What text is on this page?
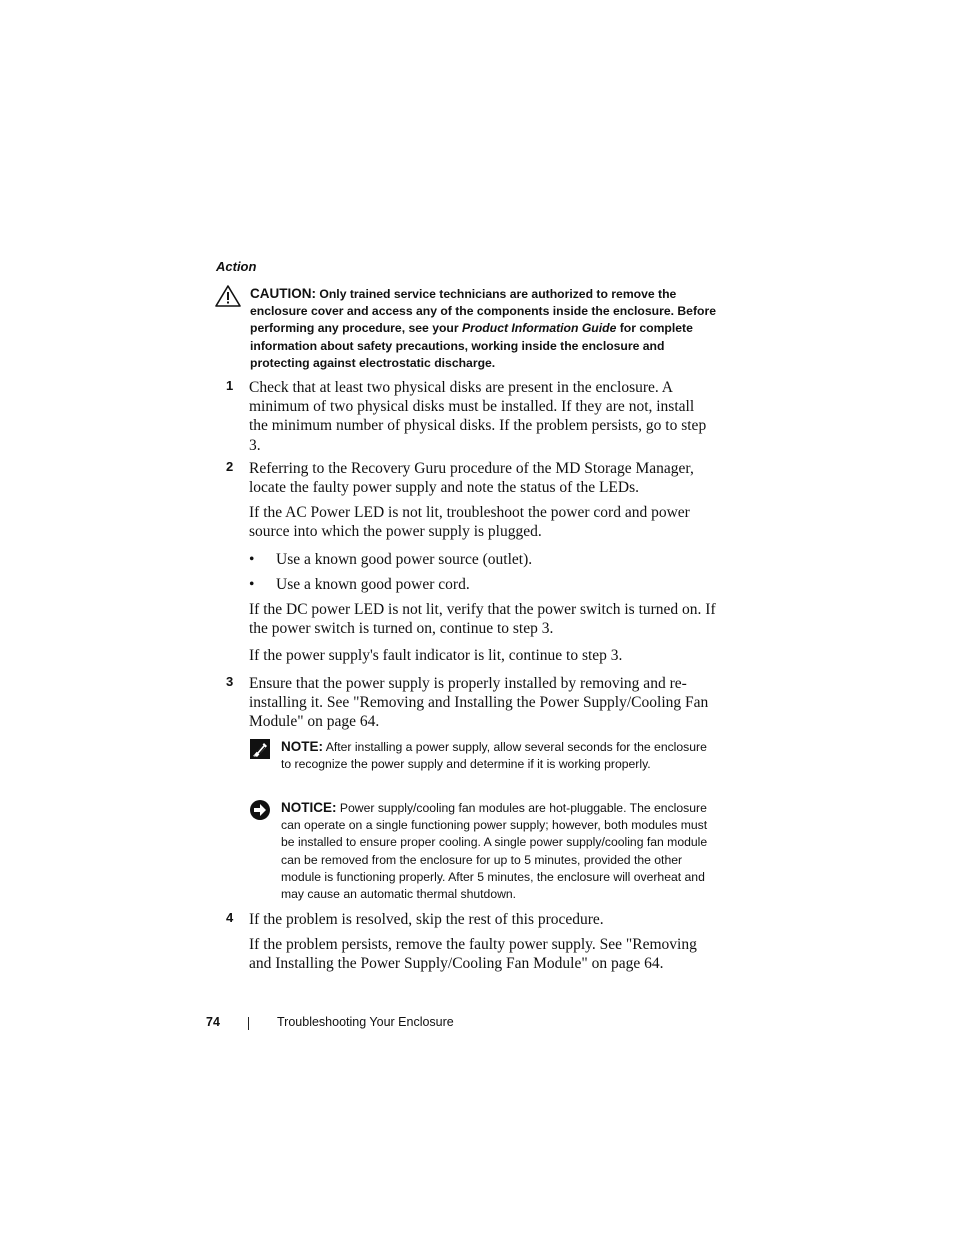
Action
CAUTION: Only trained service technicians are authorized to remove the enclosure cover and access any of the components inside the enclosure. Before performing any procedure, see your Product Information Guide for complete information about safety precautions, working inside the enclosure and protecting against electrostatic discharge.
1 Check that at least two physical disks are present in the enclosure. A minimum of two physical disks must be installed. If they are not, install the minimum number of physical disks. If the problem persists, go to step 3.
2 Referring to the Recovery Guru procedure of the MD Storage Manager, locate the faulty power supply and note the status of the LEDs.
If the AC Power LED is not lit, troubleshoot the power cord and power source into which the power supply is plugged.
• Use a known good power source (outlet).
• Use a known good power cord.
If the DC power LED is not lit, verify that the power switch is turned on. If the power switch is turned on, continue to step 3.
If the power supply's fault indicator is lit, continue to step 3.
3 Ensure that the power supply is properly installed by removing and re-installing it. See "Removing and Installing the Power Supply/Cooling Fan Module" on page 64.
NOTE: After installing a power supply, allow several seconds for the enclosure to recognize the power supply and determine if it is working properly.
NOTICE: Power supply/cooling fan modules are hot-pluggable. The enclosure can operate on a single functioning power supply; however, both modules must be installed to ensure proper cooling. A single power supply/cooling fan module can be removed from the enclosure for up to 5 minutes, provided the other module is functioning properly. After 5 minutes, the enclosure will overheat and may cause an automatic thermal shutdown.
4 If the problem is resolved, skip the rest of this procedure.
If the problem persists, remove the faulty power supply. See "Removing and Installing the Power Supply/Cooling Fan Module" on page 64.
74	Troubleshooting Your Enclosure
